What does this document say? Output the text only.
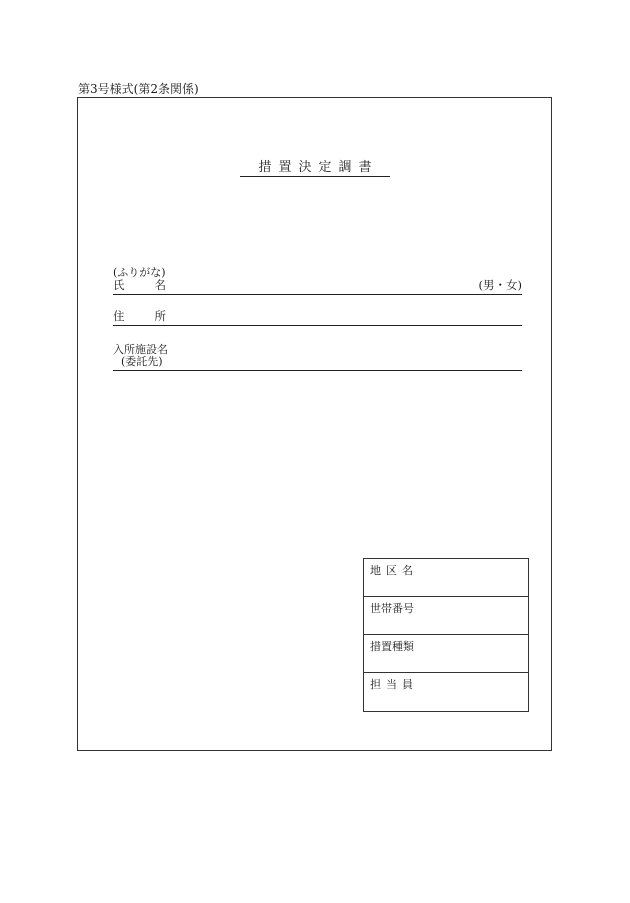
第3号様式(第2条関係)
措置決定調書
(ふりがな)
氏名	(男・女)
住所
入所施設名
(委託先)
地区名
世帯番号
措置種類
担当員
